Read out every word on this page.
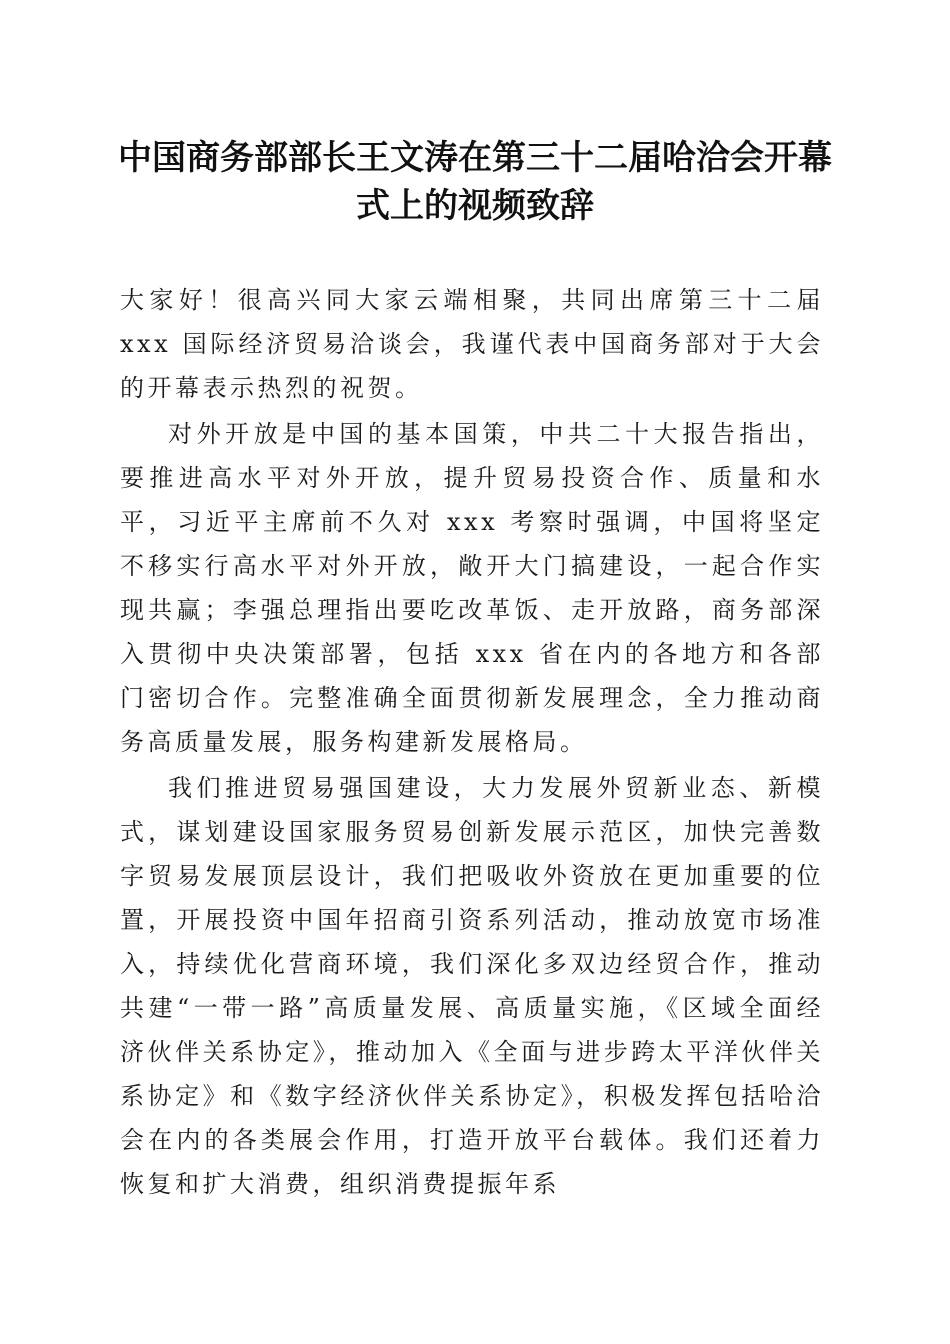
中国商务部部长王文涛在第三十二届哈洽会开幕式上的视频致辞

大家好！很高兴同大家云端相聚，共同出席第三十二届 xxx 国际经济贸易洽谈会，我谨代表中国商务部对于大会的开幕表示热烈的祝贺。

对外开放是中国的基本国策，中共二十大报告指出，要推进高水平对外开放，提升贸易投资合作、质量和水平，习近平主席前不久对 xxx 考察时强调，中国将坚定不移实行高水平对外开放，敞开大门搞建设，一起合作实现共赢；李强总理指出要吃改革饭、走开放路，商务部深入贯彻中央决策部署，包括 xxx 省在内的各地方和各部门密切合作。完整准确全面贯彻新发展理念，全力推动商务高质量发展，服务构建新发展格局。

我们推进贸易强国建设，大力发展外贸新业态、新模式，谋划建设国家服务贸易创新发展示范区，加快完善数字贸易发展顶层设计，我们把吸收外资放在更加重要的位置，开展投资中国年招商引资系列活动，推动放宽市场准入，持续优化营商环境，我们深化多双边经贸合作，推动共建“一带一路”高质量发展、高质量实施，《区域全面经济伙伴关系协定》，推动加入《全面与进步跨太平洋伙伴关系协定》和《数字经济伙伴关系协定》，积极发挥包括哈洽会在内的各类展会作用，打造开放平台载体。我们还着力恢复和扩大消费，组织消费提振年系
